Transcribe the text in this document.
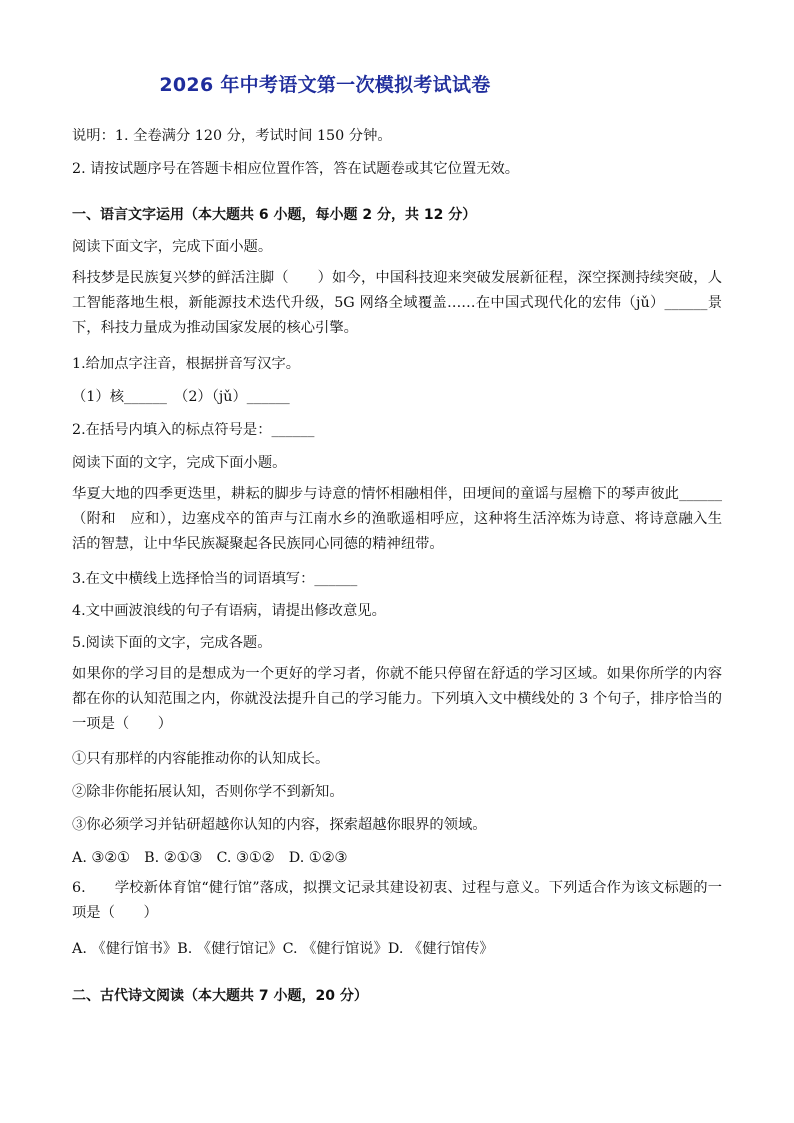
2026 年中考语文第一次模拟考试试卷
说明：1. 全卷满分 120 分，考试时间 150 分钟。
2. 请按试题序号在答题卡相应位置作答，答在试题卷或其它位置无效。
一、语言文字运用（本大题共 6 小题，每小题 2 分，共 12 分）
阅读下面文字，完成下面小题。
科技梦是民族复兴梦的鲜活注脚（　　）如今，中国科技迎来突破发展新征程，深空探测持续突破，人工智能落地生根，新能源技术迭代升级，5G 网络全域覆盖……在中国式现代化的宏伟（jǔ）______景下，科技力量成为推动国家发展的核心引擎。
1.给加点字注音，根据拼音写汉字。
（1）核______　（2）（jǔ）______
2.在括号内填入的标点符号是：______
阅读下面的文字，完成下面小题。
华夏大地的四季更迭里，耕耘的脚步与诗意的情怀相融相伴，田埂间的童谣与屋檐下的琴声彼此______（附和　应和），边塞戍卒的笛声与江南水乡的渔歌遥相呼应，这种将生活淬炼为诗意、将诗意融入生活的智慧，让中华民族凝聚起各民族同心同德的精神纽带。
3.在文中横线上选择恰当的词语填写：______
4.文中画波浪线的句子有语病，请提出修改意见。
5.阅读下面的文字，完成各题。
如果你的学习目的是想成为一个更好的学习者，你就不能只停留在舒适的学习区域。如果你所学的内容都在你的认知范围之内，你就没法提升自己的学习能力。下列填入文中横线处的 3 个句子，排序恰当的一项是（　　）
①只有那样的内容能推动你的认知成长。
②除非你能拓展认知，否则你学不到新知。
③你必须学习并钻研超越你认知的内容，探索超越你眼界的领域。
A. ③②①　B. ②①③　C. ③①②　D. ①②③
6.　　学校新体育馆“健行馆”落成，拟撰文记录其建设初衷、过程与意义。下列适合作为该文标题的一项是（　　）
A. 《健行馆书》B. 《健行馆记》C. 《健行馆说》D. 《健行馆传》
二、古代诗文阅读（本大题共 7 小题，20 分）
